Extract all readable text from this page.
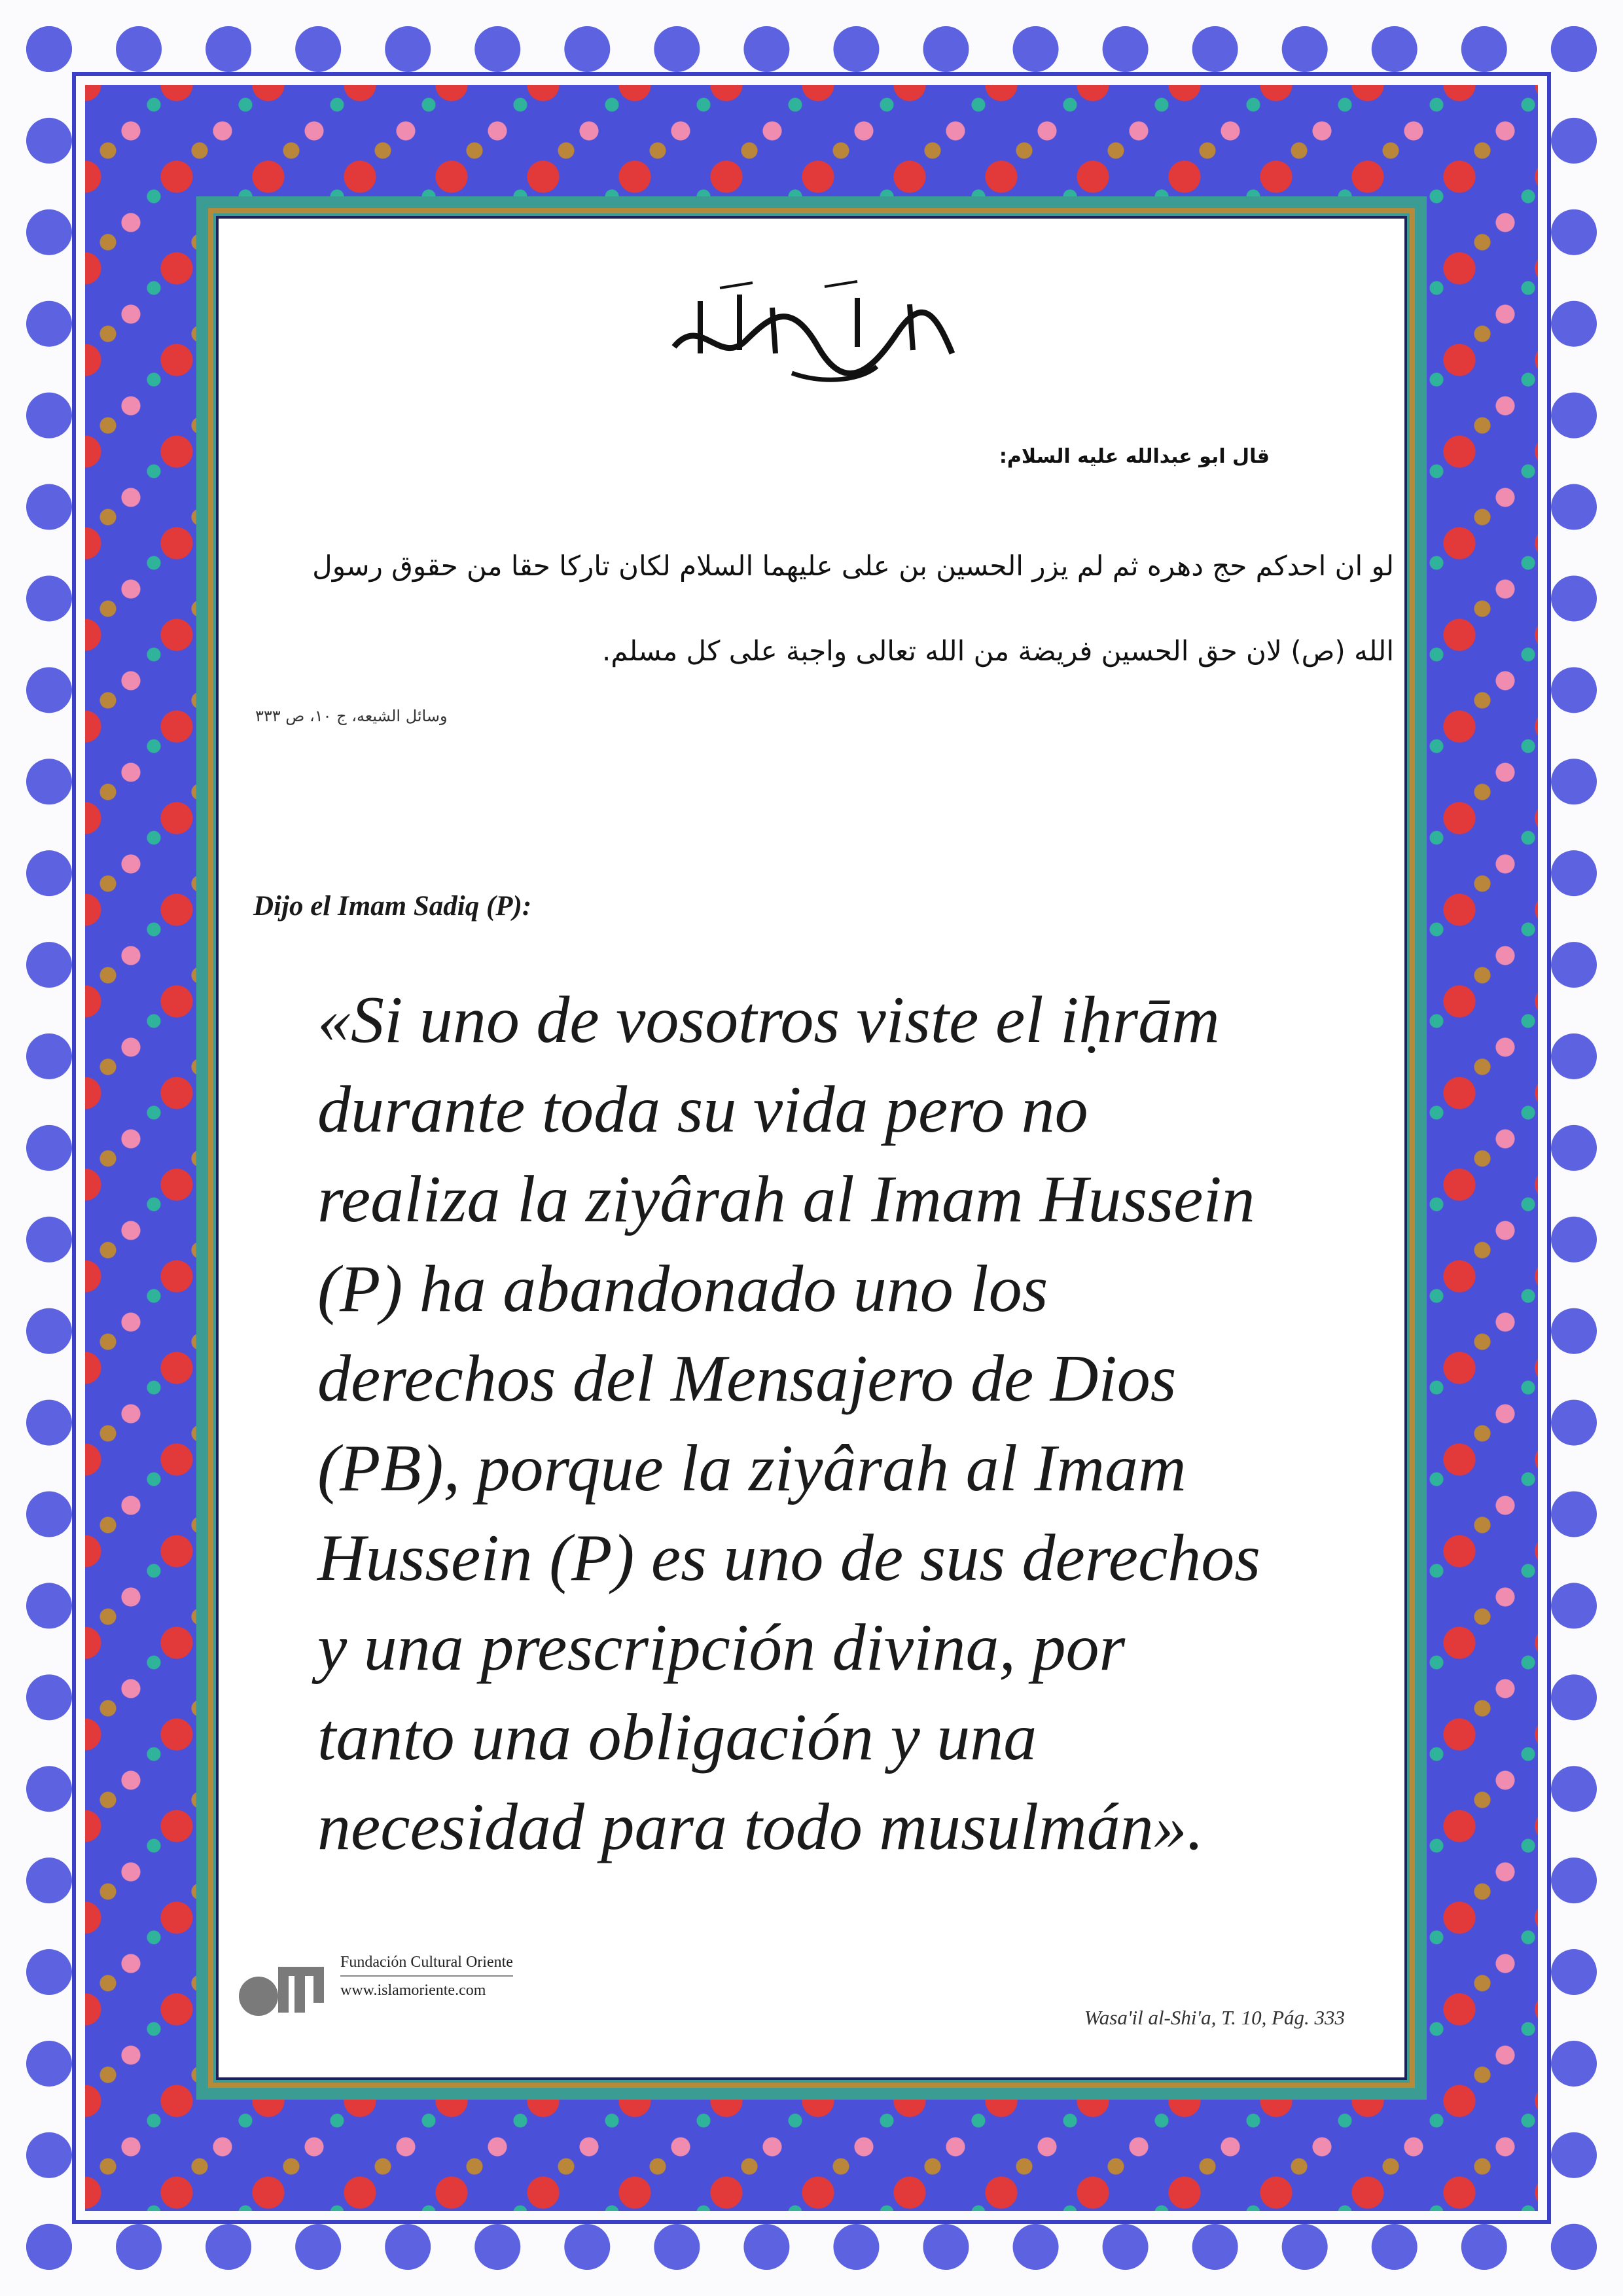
قال ابو عبدالله علیه السلام:

لو ان احدكم حج دهره ثم لم يزر الحسين بن علی علیهما السلام لكان تاركا حقا من حقوق رسول

الله (ص) لان حق الحسين فريضة من الله تعالى واجبة على كل مسلم.

وسائل الشیعه، ج ۱۰، ص ۳۳۳
Dijo el Imam Sadiq (P):
«Si uno de vosotros viste el iḥrām
durante toda su vida pero no
realiza la ziyârah al Imam Hussein
(P) ha abandonado uno los
derechos del Mensajero de Dios
(PB), porque la ziyârah al Imam
Hussein (P) es uno de sus derechos
y una prescripción divina, por
tanto una obligación y una
necesidad para todo musulmán».
Fundación Cultural Oriente
www.islamoriente.com
Wasa'il al-Shi'a, T. 10, Pág. 333
